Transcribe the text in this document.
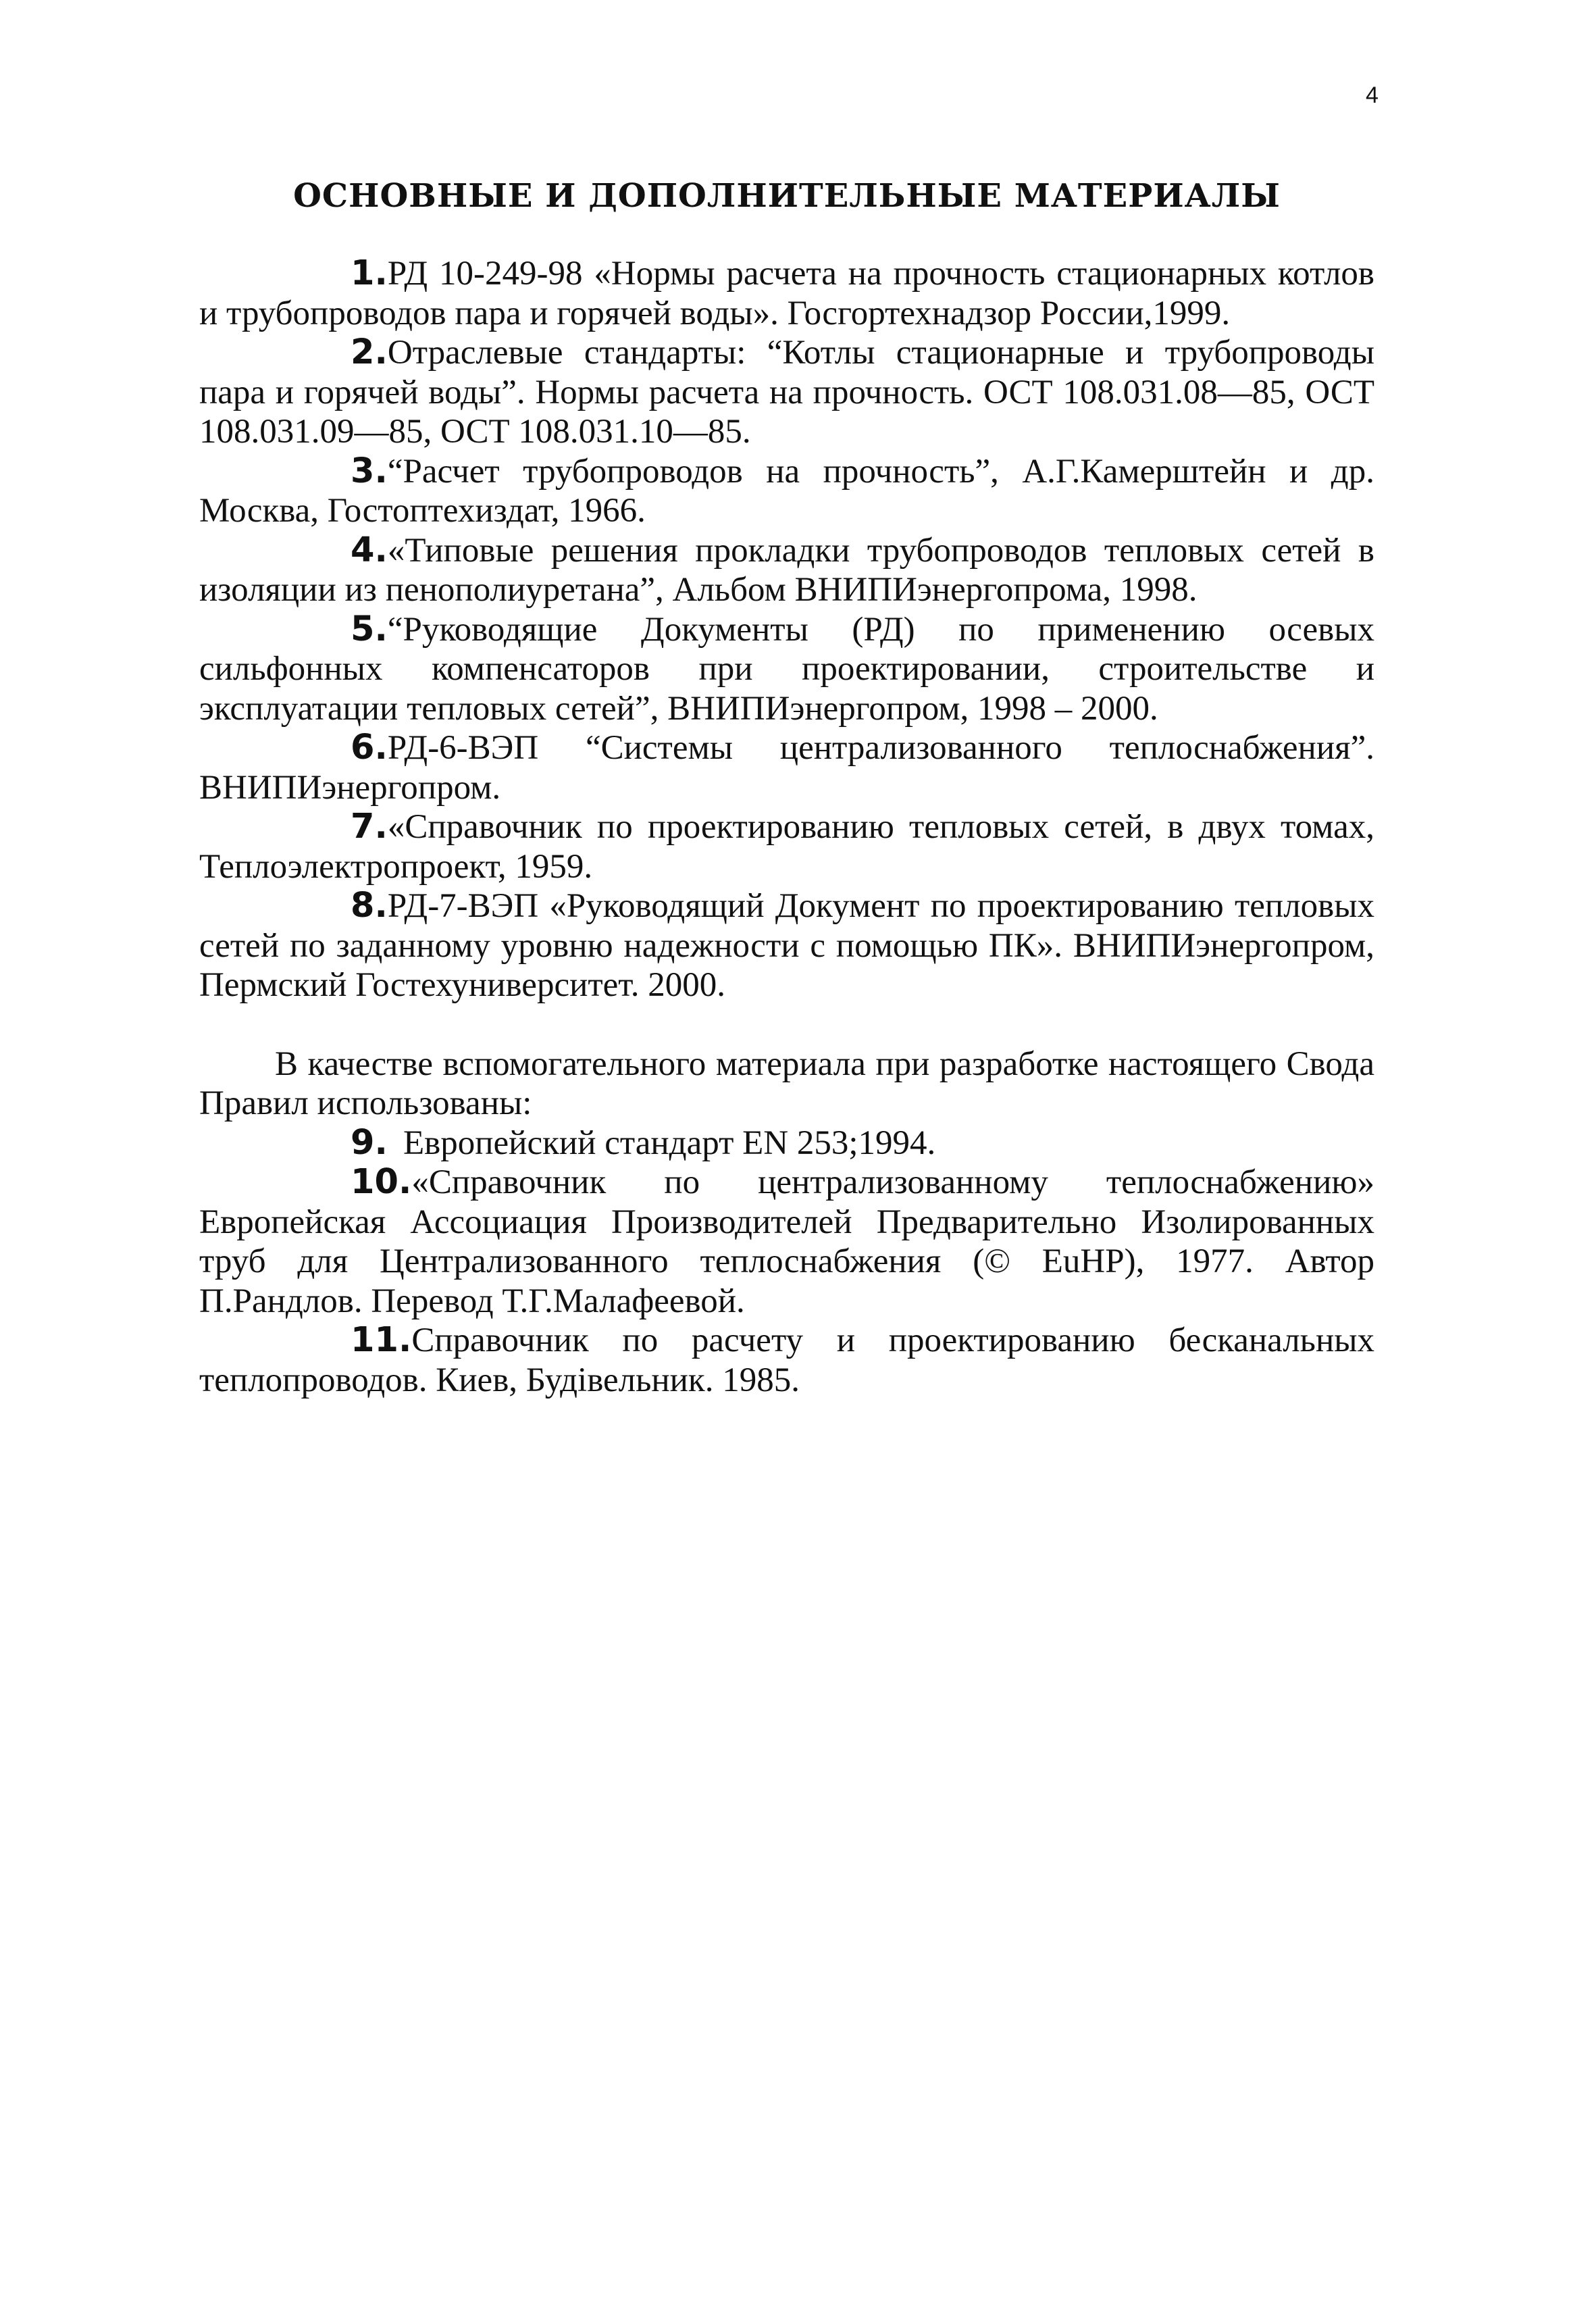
4
ОСНОВНЫЕ И ДОПОЛНИТЕЛЬНЫЕ МАТЕРИАЛЫ

1.РД 10-249-98 «Нормы расчета на прочность стационарных котлов и трубопроводов пара и горячей воды». Госгортехнадзор России,1999.

2.Отраслевые стандарты: “Котлы стационарные и трубопроводы пара и горячей воды”. Нормы расчета на прочность. ОСТ 108.031.08—85, ОСТ 108.031.09—85, ОСТ 108.031.10—85.

3.“Расчет трубопроводов на прочность”, А.Г.Камерштейн и др. Москва, Гостоптехиздат, 1966.

4.«Типовые решения прокладки трубопроводов тепловых сетей в изоляции из пенополиуретана”, Альбом ВНИПИэнергопрома, 1998.

5.“Руководящие Документы (РД) по применению осевых сильфонных компенсаторов при проектировании, строительстве и эксплуатации тепловых сетей”, ВНИПИэнергопром, 1998 – 2000.

6.РД-6-ВЭП “Системы централизованного теплоснабжения”. ВНИПИэнергопром.

7.«Справочник по проектированию тепловых сетей, в двух томах, Теплоэлектропроект, 1959.

8.РД-7-ВЭП «Руководящий Документ по проектированию тепловых сетей по заданному уровню надежности с помощью ПК». ВНИПИэнергопром, Пермский Гостехуниверситет. 2000.

В качестве вспомогательного материала при разработке настоящего Свода Правил использованы:

9. Европейский стандарт EN 253;1994.

10.«Справочник по централизованному теплоснабжению» Европейская Ассоциация Производителей Предварительно Изолированных труб для Централизованного теплоснабжения (© EuHP), 1977. Автор П.Рандлов. Перевод Т.Г.Малафеевой.

11.Справочник по расчету и проектированию бесканальных теплопроводов. Киев, Будівельник. 1985.
